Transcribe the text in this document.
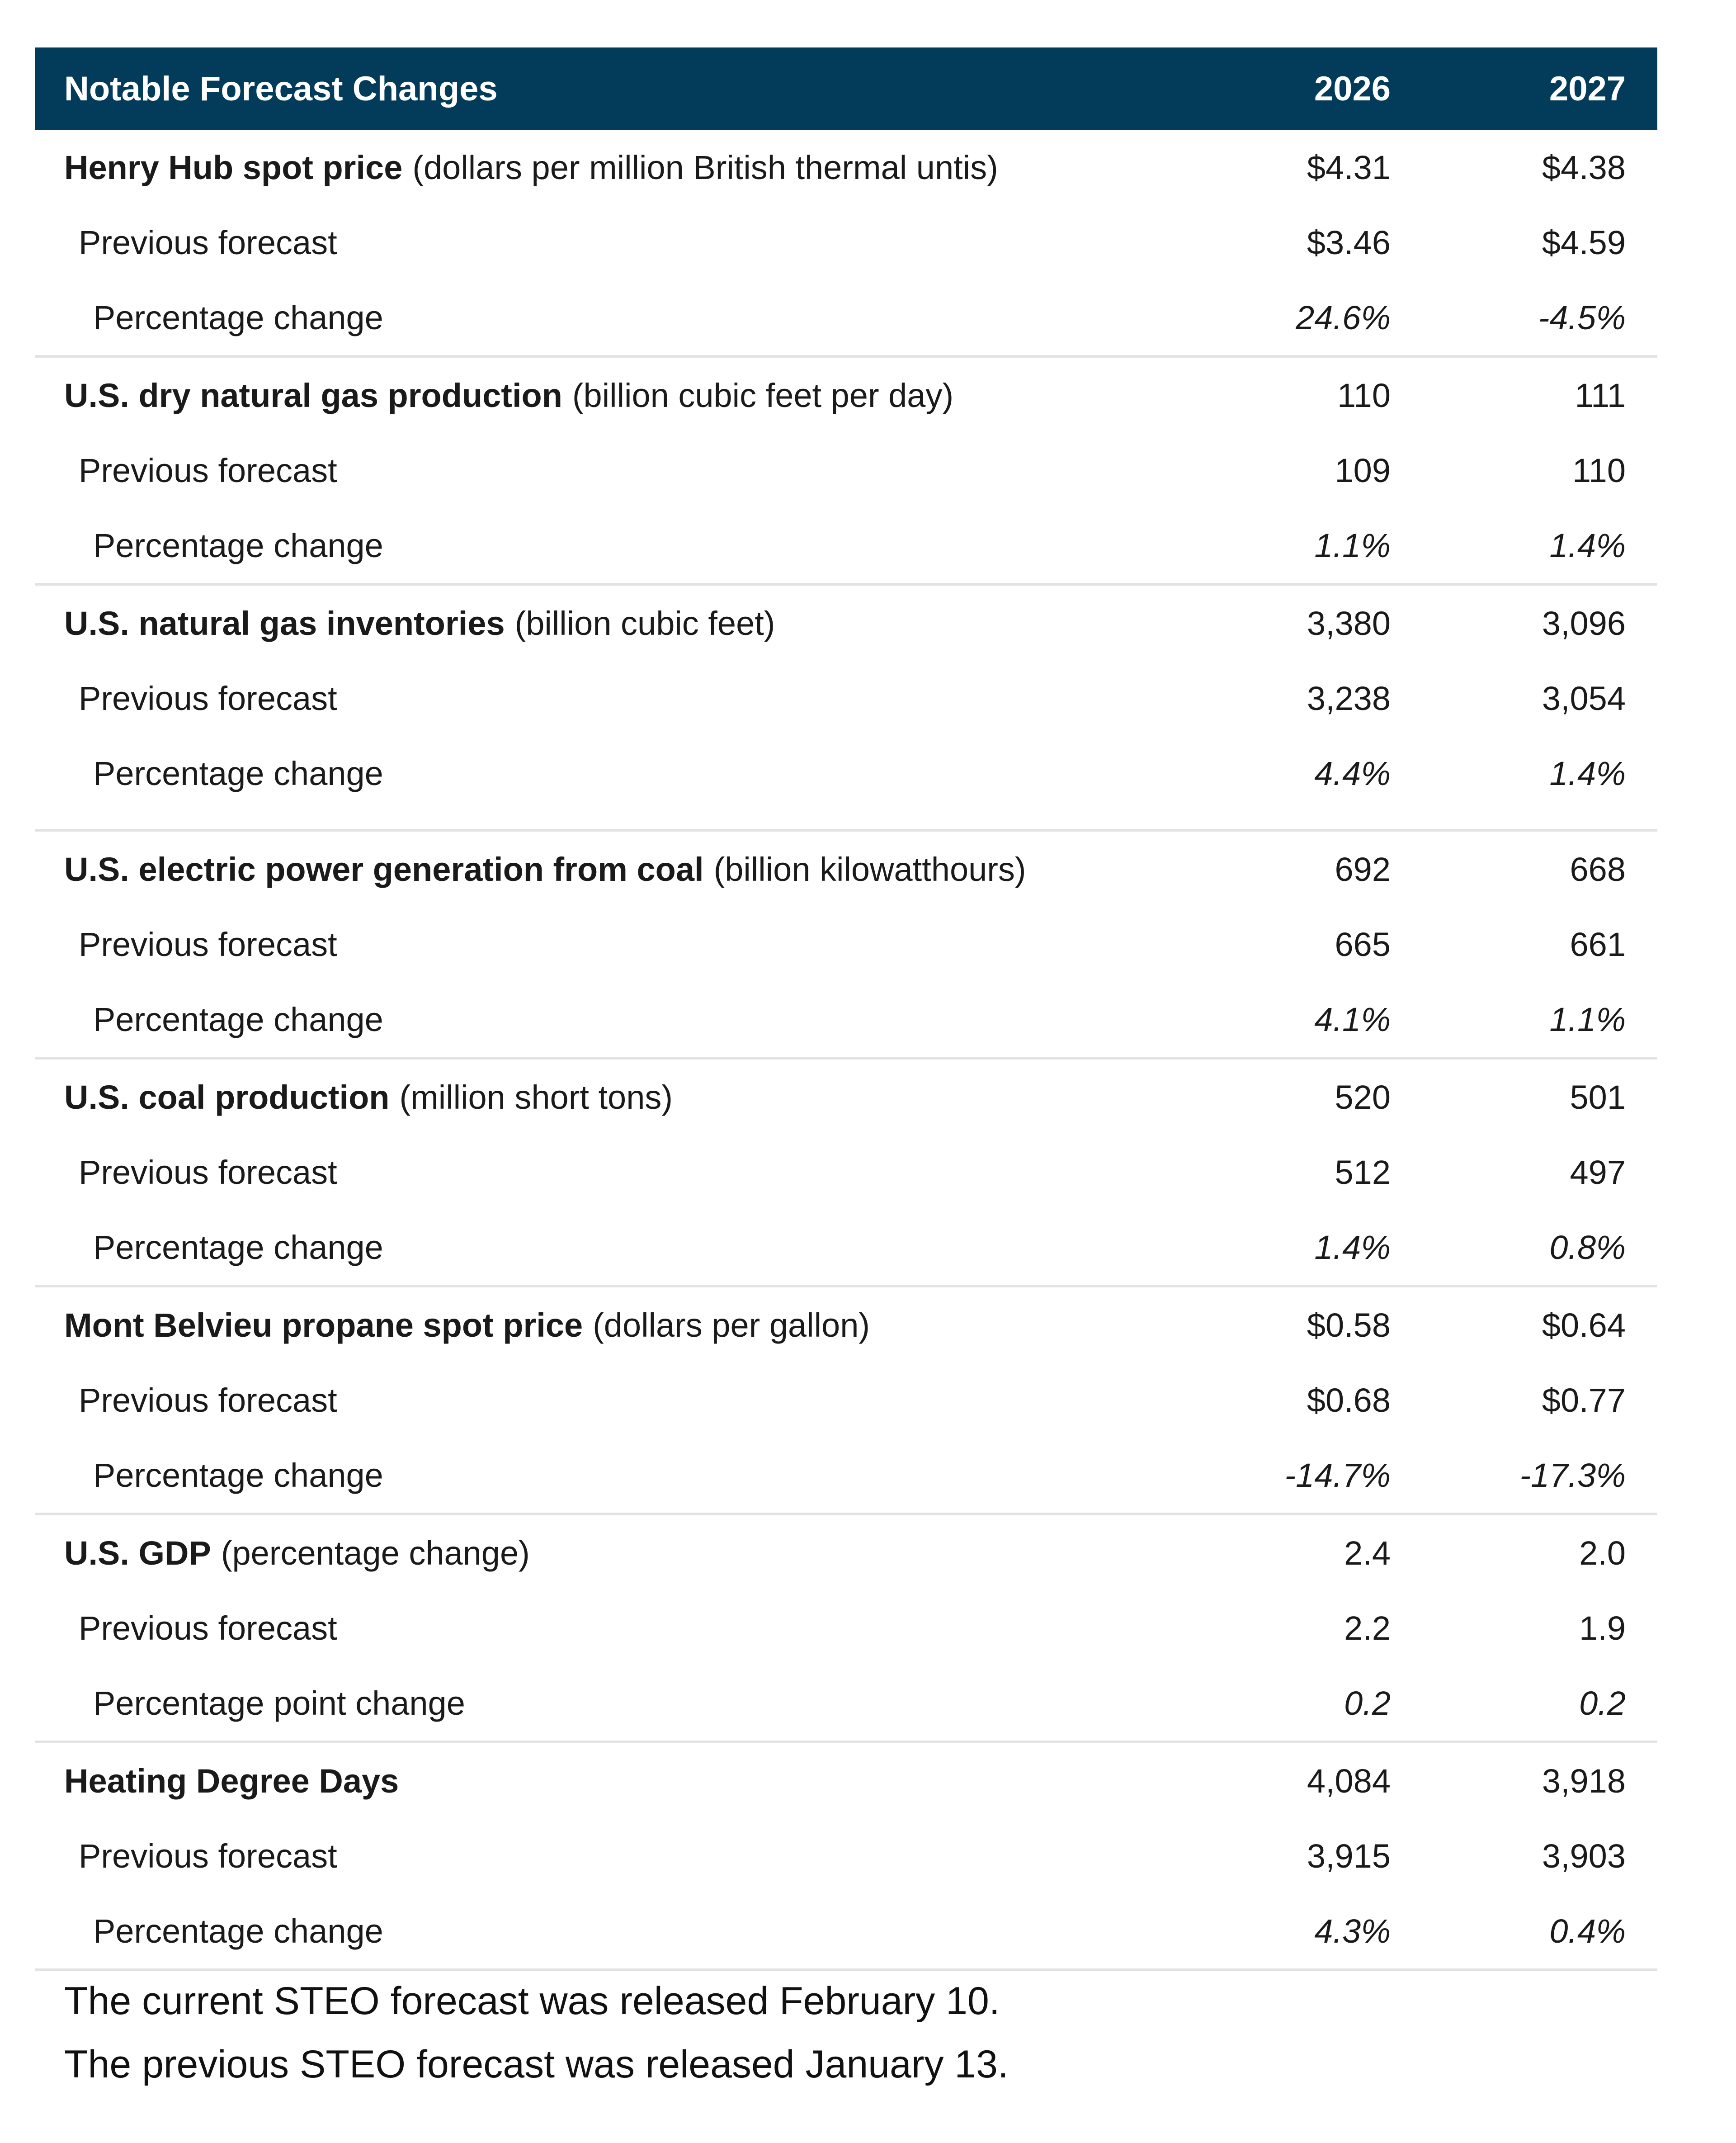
Notable Forecast Changes	2026	2027
Henry Hub spot price (dollars per million British thermal untis)	$4.31	$4.38
Previous forecast	$3.46	$4.59
Percentage change	24.6%	-4.5%
U.S. dry natural gas production (billion cubic feet per day)	110	111
Previous forecast	109	110
Percentage change	1.1%	1.4%
U.S. natural gas inventories (billion cubic feet)	3,380	3,096
Previous forecast	3,238	3,054
Percentage change	4.4%	1.4%
U.S. electric power generation from coal (billion kilowatthours)	692	668
Previous forecast	665	661
Percentage change	4.1%	1.1%
U.S. coal production (million short tons)	520	501
Previous forecast	512	497
Percentage change	1.4%	0.8%
Mont Belvieu propane spot price (dollars per gallon)	$0.58	$0.64
Previous forecast	$0.68	$0.77
Percentage change	-14.7%	-17.3%
U.S. GDP (percentage change)	2.4	2.0
Previous forecast	2.2	1.9
Percentage point change	0.2	0.2
Heating Degree Days	4,084	3,918
Previous forecast	3,915	3,903
Percentage change	4.3%	0.4%
The current STEO forecast was released February 10.
The previous STEO forecast was released January 13.
